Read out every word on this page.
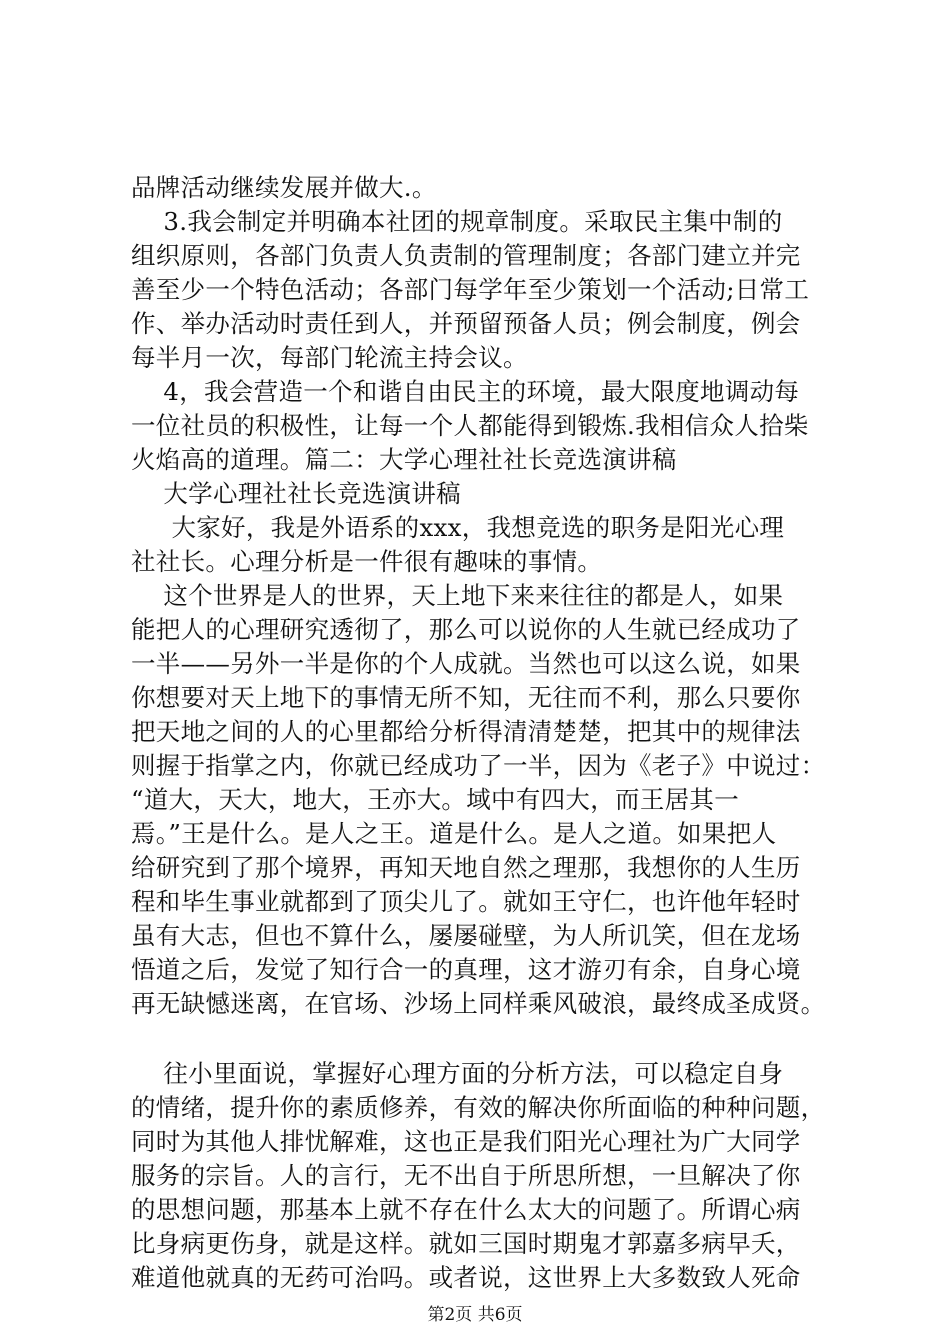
品牌活动继续发展并做大.。
3.我会制定并明确本社团的规章制度。采取民主集中制的
组织原则，各部门负责人负责制的管理制度；各部门建立并完
善至少一个特色活动；各部门每学年至少策划一个活动;日常工
作、举办活动时责任到人，并预留预备人员；例会制度，例会
每半月一次，每部门轮流主持会议。
4，我会营造一个和谐自由民主的环境，最大限度地调动每
一位社员的积极性，让每一个人都能得到锻炼.我相信众人拾柴
火焰高的道理。篇二：大学心理社社长竞选演讲稿
大学心理社社长竞选演讲稿
大家好，我是外语系的xxx，我想竞选的职务是阳光心理
社社长。心理分析是一件很有趣味的事情。
这个世界是人的世界，天上地下来来往往的都是人，如果
能把人的心理研究透彻了，那么可以说你的人生就已经成功了
一半——另外一半是你的个人成就。当然也可以这么说，如果
你想要对天上地下的事情无所不知，无往而不利，那么只要你
把天地之间的人的心里都给分析得清清楚楚，把其中的规律法
则握于指掌之内，你就已经成功了一半，因为《老子》中说过：
“道大，天大，地大，王亦大。域中有四大，而王居其一
焉。”王是什么。是人之王。道是什么。是人之道。如果把人
给研究到了那个境界，再知天地自然之理那，我想你的人生历
程和毕生事业就都到了顶尖儿了。就如王守仁，也许他年轻时
虽有大志，但也不算什么，屡屡碰壁，为人所讥笑，但在龙场
悟道之后，发觉了知行合一的真理，这才游刃有余，自身心境
再无缺憾迷离，在官场、沙场上同样乘风破浪，最终成圣成贤。
往小里面说，掌握好心理方面的分析方法，可以稳定自身
的情绪，提升你的素质修养，有效的解决你所面临的种种问题，
同时为其他人排忧解难，这也正是我们阳光心理社为广大同学
服务的宗旨。人的言行，无不出自于所思所想，一旦解决了你
的思想问题，那基本上就不存在什么太大的问题了。所谓心病
比身病更伤身，就是这样。就如三国时期鬼才郭嘉多病早夭，
难道他就真的无药可治吗。或者说，这世界上大多数致人死命
第2页 共6页
